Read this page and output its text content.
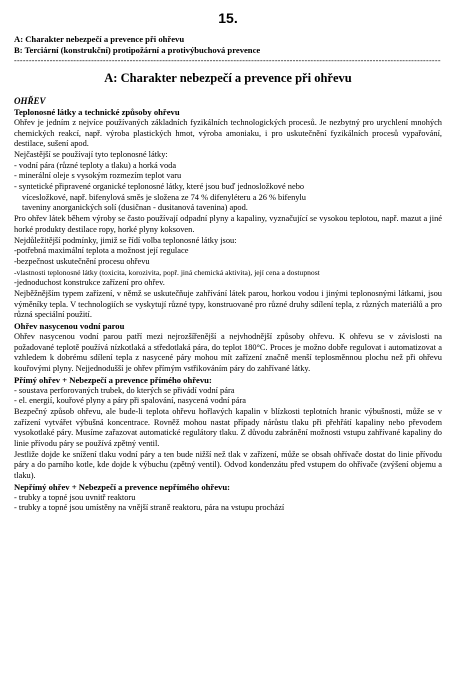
15.
A: Charakter nebezpečí a prevence při ohřevu
B: Terciární (konstrukční) protipožární a protivýbuchová prevence
------------------------------------------------------------------------------------------------------------------------------------------------
A: Charakter nebezpečí a prevence při ohřevu
OHŘEV
Teplonosné látky a technické způsoby ohřevu
Ohřev je jedním z nejvíce používaných základních fyzikálních technologických procesů. Je nezbytný pro urychlení mnohých chemických reakcí, např. výroba plastických hmot, výroba amoniaku, i pro uskutečnění fyzikálních procesů vypařování, destilace, sušení apod.
Nejčastější se používají tyto teplonosné látky:
- vodní pára (různé teploty a tlaku) a horká voda
- minerální oleje s vysokým rozmezím teplot varu
- syntetické připravené organické teplonosné látky, které jsou buď jednosložkové nebo
vícesložkové, např. bifenylová směs je složena ze 74 % difenyléteru a 26 % bifenylu
taveniny anorganických solí (dusičnan - dusitanová tavenina) apod.
Pro ohřev látek během výroby se často používají odpadní plyny a kapaliny, vyznačující se vysokou teplotou, např. mazut a jiné horké produkty destilace ropy, horké plyny koksoven.
Nejdůležitější podmínky, jimiž se řídí volba teplonosné látky jsou:
-potřebná maximální teplota a možnost její regulace
-bezpečnost uskutečnění procesu ohřevu
-vlastnosti teplonosné látky (toxicita, korozivita, popř. jiná chemická aktivita), její cena a dostupnost
-jednoduchost konstrukce zařízení pro ohřev.
Nejběžnějším typem zařízení, v němž se uskutečňuje zahřívání látek parou, horkou vodou i jinými teplonosnými látkami, jsou výměníky tepla. V technologiích se vyskytují různé typy, konstruované pro různé druhy sdílení tepla, z různých materiálů a pro různá speciální použití.
Ohřev nasycenou vodní parou
Ohřev nasycenou vodní parou patří mezi nejrozšířenější a nejvhodnější způsoby ohřevu. K ohřevu se v závislosti na požadované teplotě používá nízkotlaká a středotlaká pára, do teplot 180°C. Proces je možno dobře regulovat i automatizovat a vzhledem k dobrému sdílení tepla z nasycené páry mohou mít zařízení značně menší teplosměnnou plochu než při ohřevu kouřovými plyny. Nejjednodušší je ohřev přímým vstřikováním páry do zahřívané látky.
Přímý ohřev + Nebezpečí a prevence přímého ohřevu:
- soustava perforovaných trubek, do kterých se přivádí vodní pára
- el. energií, kouřové plyny a páry při spalování, nasycená vodní pára
Bezpečný způsob ohřevu, ale bude-li teplota ohřevu hořlavých kapalin v blízkosti teplotních hranic výbušnosti, může se v zařízení vytvářet výbušná koncentrace. Rovněž mohou nastat případy nárůstu tlaku při přehřátí kapaliny nebo převodem vysokotlaké páry. Musíme zařazovat automatické regulátory tlaku. Z důvodu zabránění možnosti vstupu zahřívané kapaliny do linie přívodu páry se používá zpětný ventil.
Jestliže dojde ke snížení tlaku vodní páry a ten bude nižší než tlak v zařízení, může se obsah ohřívače dostat do linie přívodu páry a do parního kotle, kde dojde k výbuchu (zpětný ventil). Odvod kondenzátu před vstupem do ohřívače (zvýšení objemu a tlaku).
Nepřímý ohřev + Nebezpečí a prevence nepřímého ohřevu:
- trubky a topné jsou uvnitř reaktoru
- trubky a topné jsou umístěny na vnější straně reaktoru, pára na vstupu prochází
